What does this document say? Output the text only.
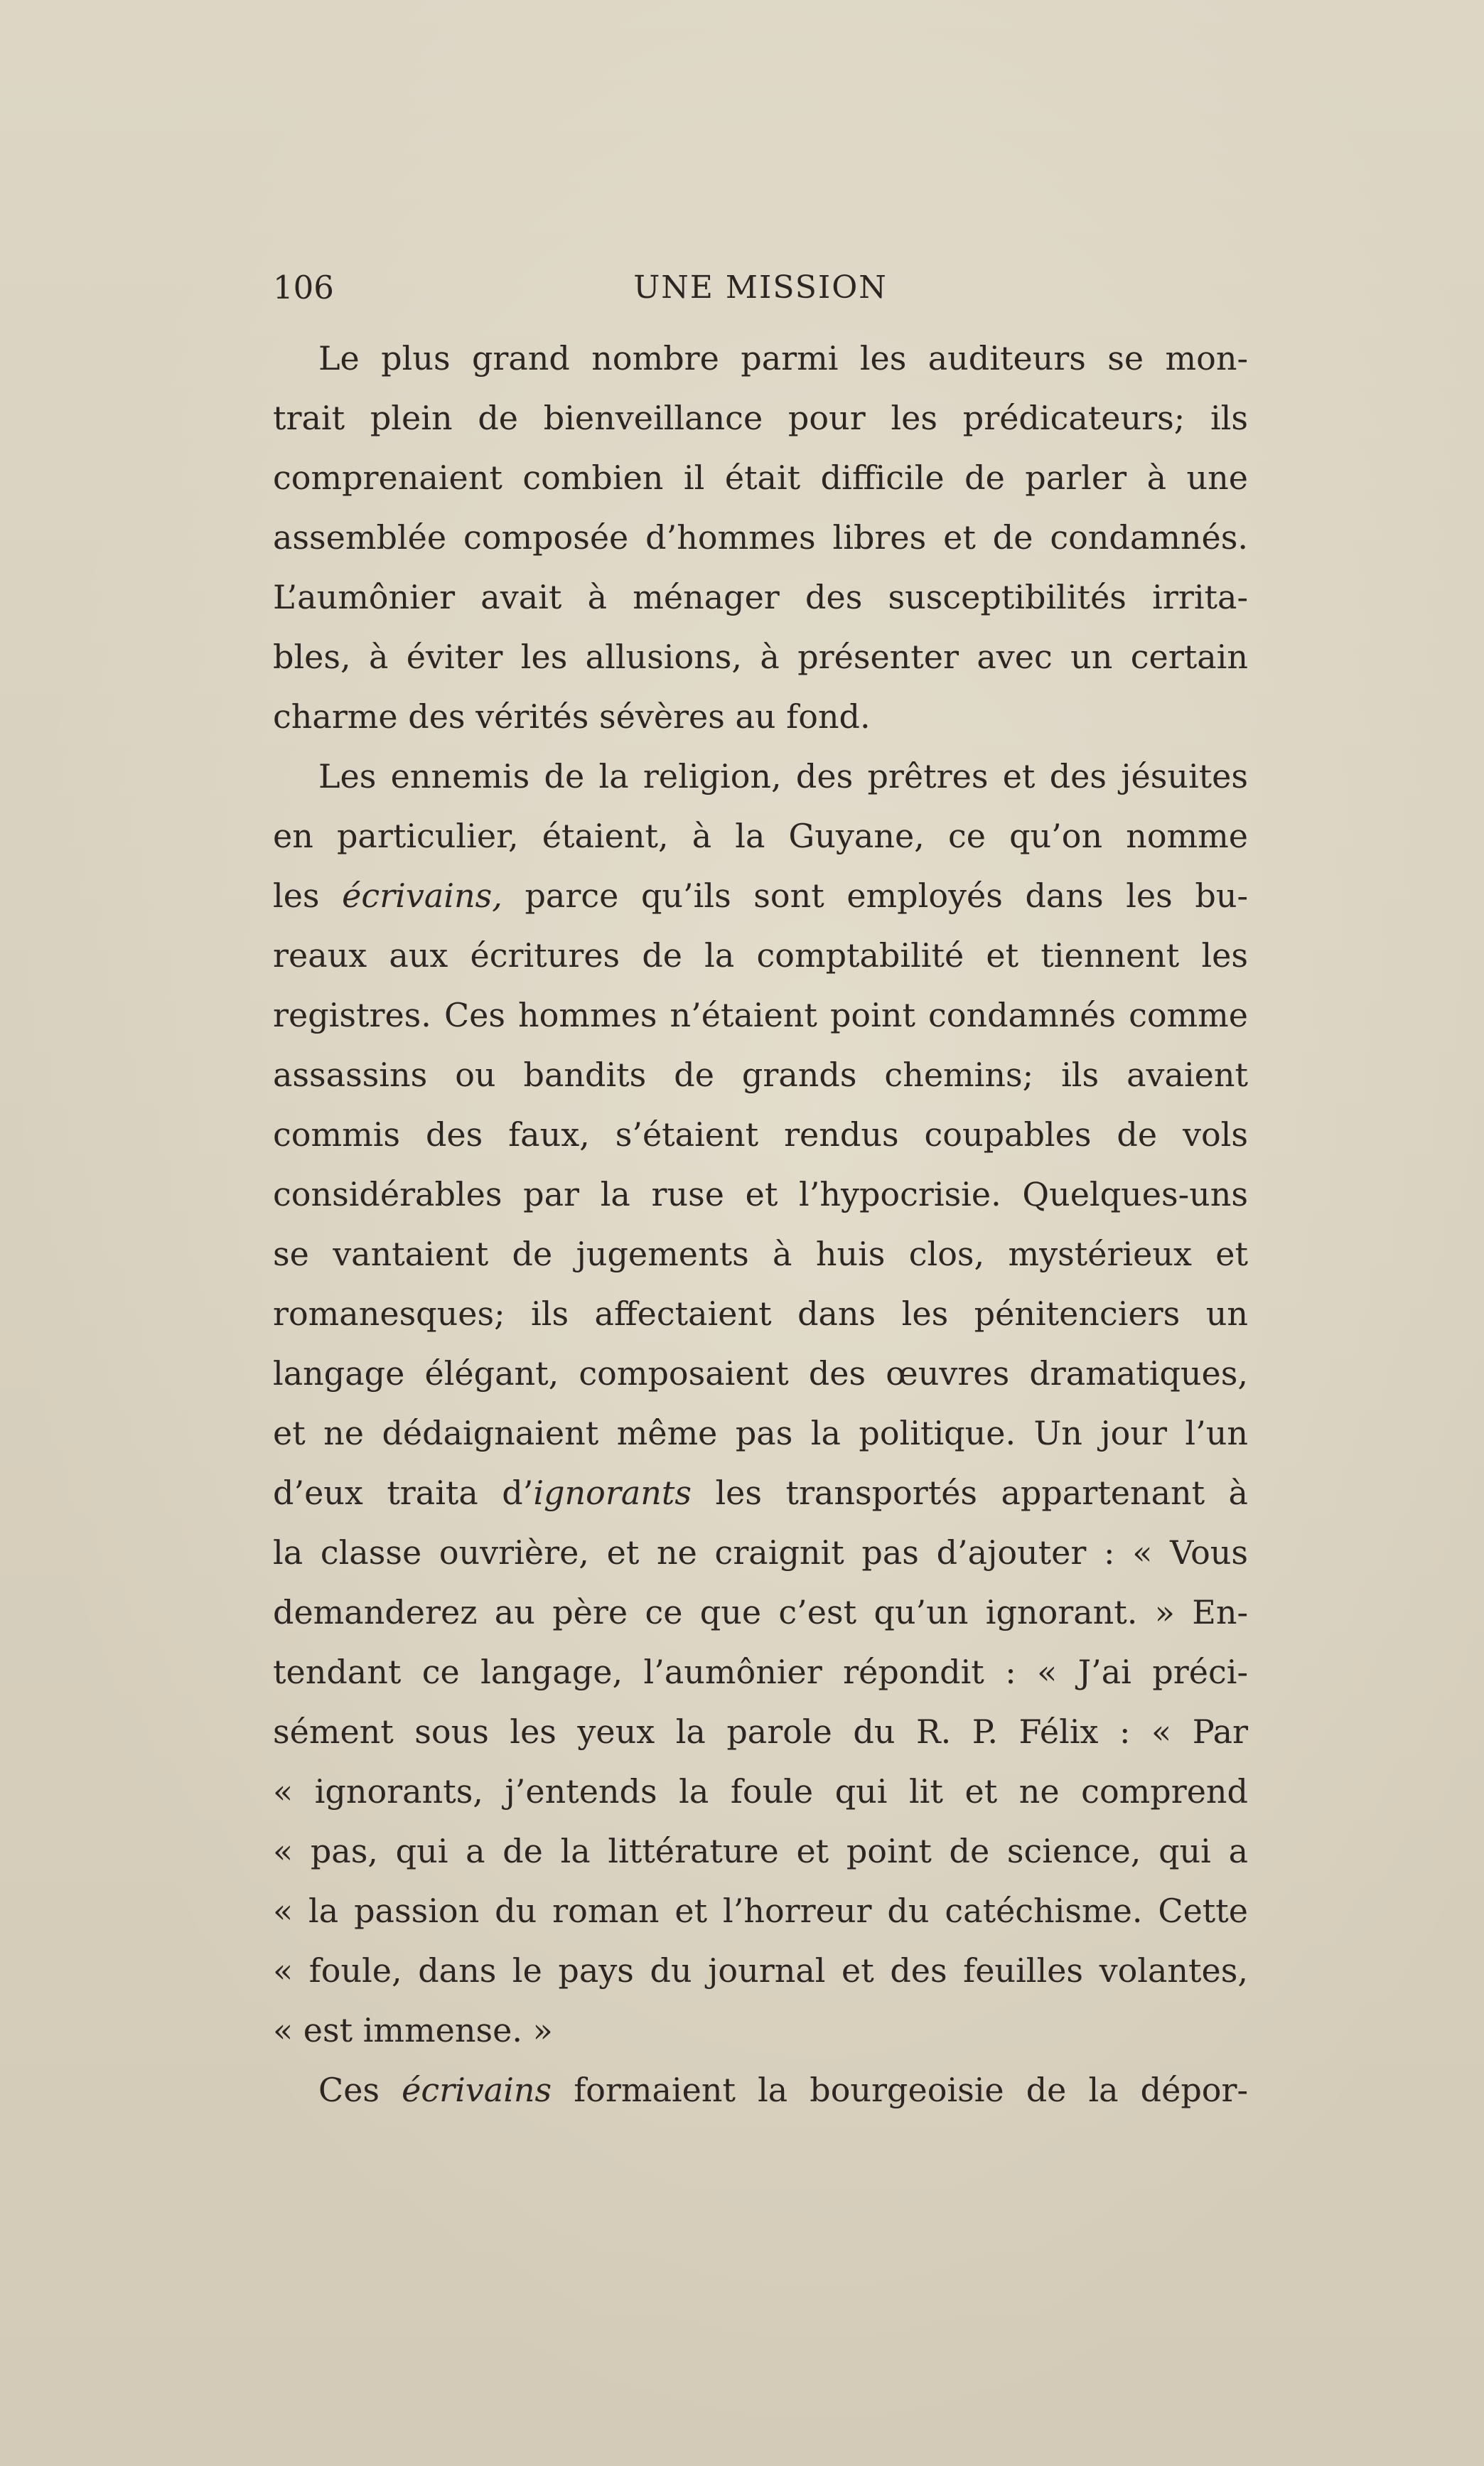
106	UNE MISSION
Le plus grand nombre parmi les auditeurs se mon-
trait plein de bienveillance pour les prédicateurs; ils
comprenaient combien il était difficile de parler à une
assemblée composée d’hommes libres et de condamnés.
L’aumônier avait à ménager des susceptibilités irrita-
bles, à éviter les allusions, à présenter avec un certain
charme des vérités sévères au fond.
Les ennemis de la religion, des prêtres et des jésuites
en particulier, étaient, à la Guyane, ce qu’on nomme
les écrivains, parce qu’ils sont employés dans les bu-
reaux aux écritures de la comptabilité et tiennent les
registres. Ces hommes n’étaient point condamnés comme
assassins ou bandits de grands chemins; ils avaient
commis des faux, s’étaient rendus coupables de vols
considérables par la ruse et l’hypocrisie. Quelques-uns
se vantaient de jugements à huis clos, mystérieux et
romanesques; ils affectaient dans les pénitenciers un
langage élégant, composaient des œuvres dramatiques,
et ne dédaignaient même pas la politique. Un jour l’un
d’eux traita d’ignorants les transportés appartenant à
la classe ouvrière, et ne craignit pas d’ajouter : « Vous
demanderez au père ce que c’est qu’un ignorant. » En-
tendant ce langage, l’aumônier répondit : « J’ai préci-
sément sous les yeux la parole du R. P. Félix : « Par
« ignorants, j’entends la foule qui lit et ne comprend
« pas, qui a de la littérature et point de science, qui a
« la passion du roman et l’horreur du catéchisme. Cette
« foule, dans le pays du journal et des feuilles volantes,
« est immense. »
Ces écrivains formaient la bourgeoisie de la dépor-
